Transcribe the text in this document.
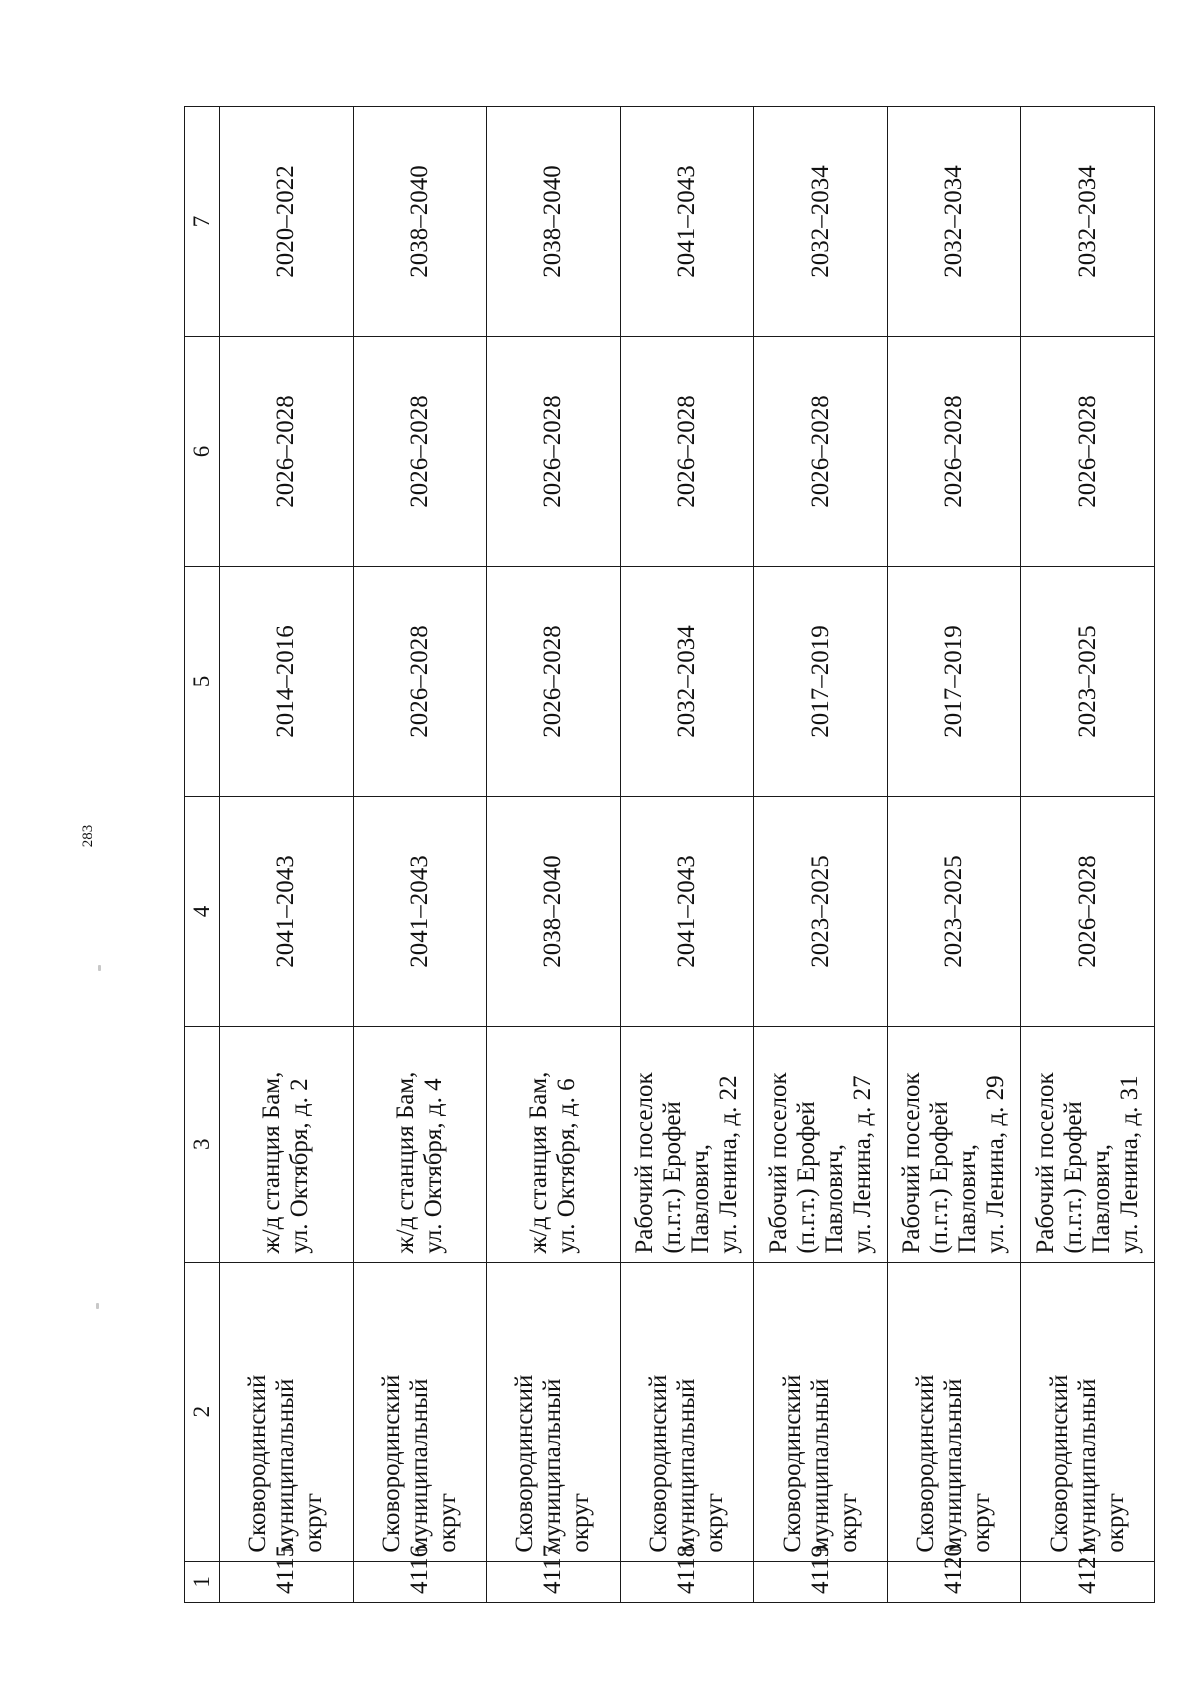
283
1	2	3	4	5	6	7
4115	Сковородинский муниципальный округ	ж/д станция Бам, ул. Октября, д. 2	2041–2043	2014–2016	2026–2028	2020–2022
4116	Сковородинский муниципальный округ	ж/д станция Бам, ул. Октября, д. 4	2041–2043	2026–2028	2026–2028	2038–2040
4117	Сковородинский муниципальный округ	ж/д станция Бам, ул. Октября, д. 6	2038–2040	2026–2028	2026–2028	2038–2040
4118	Сковородинский муниципальный округ	Рабочий поселок (п.г.т.) Ерофей Павлович, ул. Ленина, д. 22	2041–2043	2032–2034	2026–2028	2041–2043
4119	Сковородинский муниципальный округ	Рабочий поселок (п.г.т.) Ерофей Павлович, ул. Ленина, д. 27	2023–2025	2017–2019	2026–2028	2032–2034
4120	Сковородинский муниципальный округ	Рабочий поселок (п.г.т.) Ерофей Павлович, ул. Ленина, д. 29	2023–2025	2017–2019	2026–2028	2032–2034
4121	Сковородинский муниципальный округ	Рабочий поселок (п.г.т.) Ерофей Павлович, ул. Ленина, д. 31	2026–2028	2023–2025	2026–2028	2032–2034
